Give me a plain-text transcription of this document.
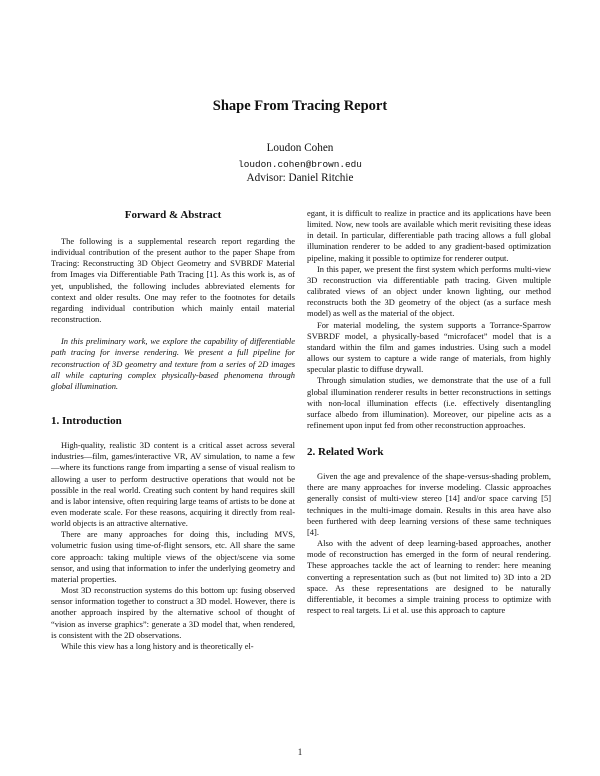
Shape From Tracing Report
Loudon Cohen
loudon.cohen@brown.edu
Advisor: Daniel Ritchie
Forward & Abstract

The following is a supplemental research report regarding the individual contribution of the present author to the paper Shape from Tracing: Reconstructing 3D Object Geometry and SVBRDF Material from Images via Differentiable Path Tracing [1]. As this work is, as of yet, unpublished, the following includes abbreviated elements for context and older results. One may refer to the footnotes for details regarding individual contribution which mainly entail material reconstruction.

In this preliminary work, we explore the capability of differentiable path tracing for inverse rendering. We present a full pipeline for reconstruction of 3D geometry and texture from a series of 2D images all while capturing complex physically-based phenomena through global illumination.

1. Introduction

High-quality, realistic 3D content is a critical asset across several industries—film, games/interactive VR, AV simulation, to name a few—where its functions range from imparting a sense of visual realism to allowing a user to perform destructive operations that would not be possible in the real world. Creating such content by hand requires skill and is labor intensive, often requiring large teams of artists to be done at even moderate scale. For these reasons, acquiring it directly from real-world objects is an attractive alternative.

There are many approaches for doing this, including MVS, volumetric fusion using time-of-flight sensors, etc. All share the same core approach: taking multiple views of the object/scene via some sensor, and using that information to infer the underlying geometry and material properties.

Most 3D reconstruction systems do this bottom up: fusing observed sensor information together to construct a 3D model. However, there is another approach inspired by the alternative school of thought of “vision as inverse graphics”: generate a 3D model that, when rendered, is consistent with the 2D observations.

While this view has a long history and is theoretically el-

egant, it is difficult to realize in practice and its applications have been limited. Now, new tools are available which merit revisiting these ideas in detail. In particular, differentiable path tracing allows a full global illumination renderer to be added to any gradient-based optimization pipeline, making it possible to optimize for renderer output.

In this paper, we present the first system which performs multi-view 3D reconstruction via differentiable path tracing. Given multiple calibrated views of an object under known lighting, our method reconstructs both the 3D geometry of the object (as a surface mesh model) as well as the material of the object.

For material modeling, the system supports a Torrance-Sparrow SVBRDF model, a physically-based “microfacet” model that is a standard within the film and games industries. Using such a model allows our system to capture a wide range of materials, from highly specular plastic to diffuse drywall.

Through simulation studies, we demonstrate that the use of a full global illumination renderer results in better reconstructions in settings with non-local illumination effects (i.e. effectively disentangling surface albedo from illumination). Moreover, our pipeline acts as a refinement upon input fed from other reconstruction approaches.

2. Related Work

Given the age and prevalence of the shape-versus-shading problem, there are many approaches for inverse modeling. Classic approaches generally consist of multi-view stereo [14] and/or space carving [5] techniques in the multi-image domain. Results in this area have also been furthered with deep learning versions of these same techniques [4].

Also with the advent of deep learning-based approaches, another mode of reconstruction has emerged in the form of neural rendering. These approaches tackle the act of learning to render: here meaning converting a representation such as (but not limited to) 3D into a 2D space. As these representations are designed to be naturally differentiable, it becomes a simple training process to optimize with respect to real targets. Li et al. use this approach to capture

1
